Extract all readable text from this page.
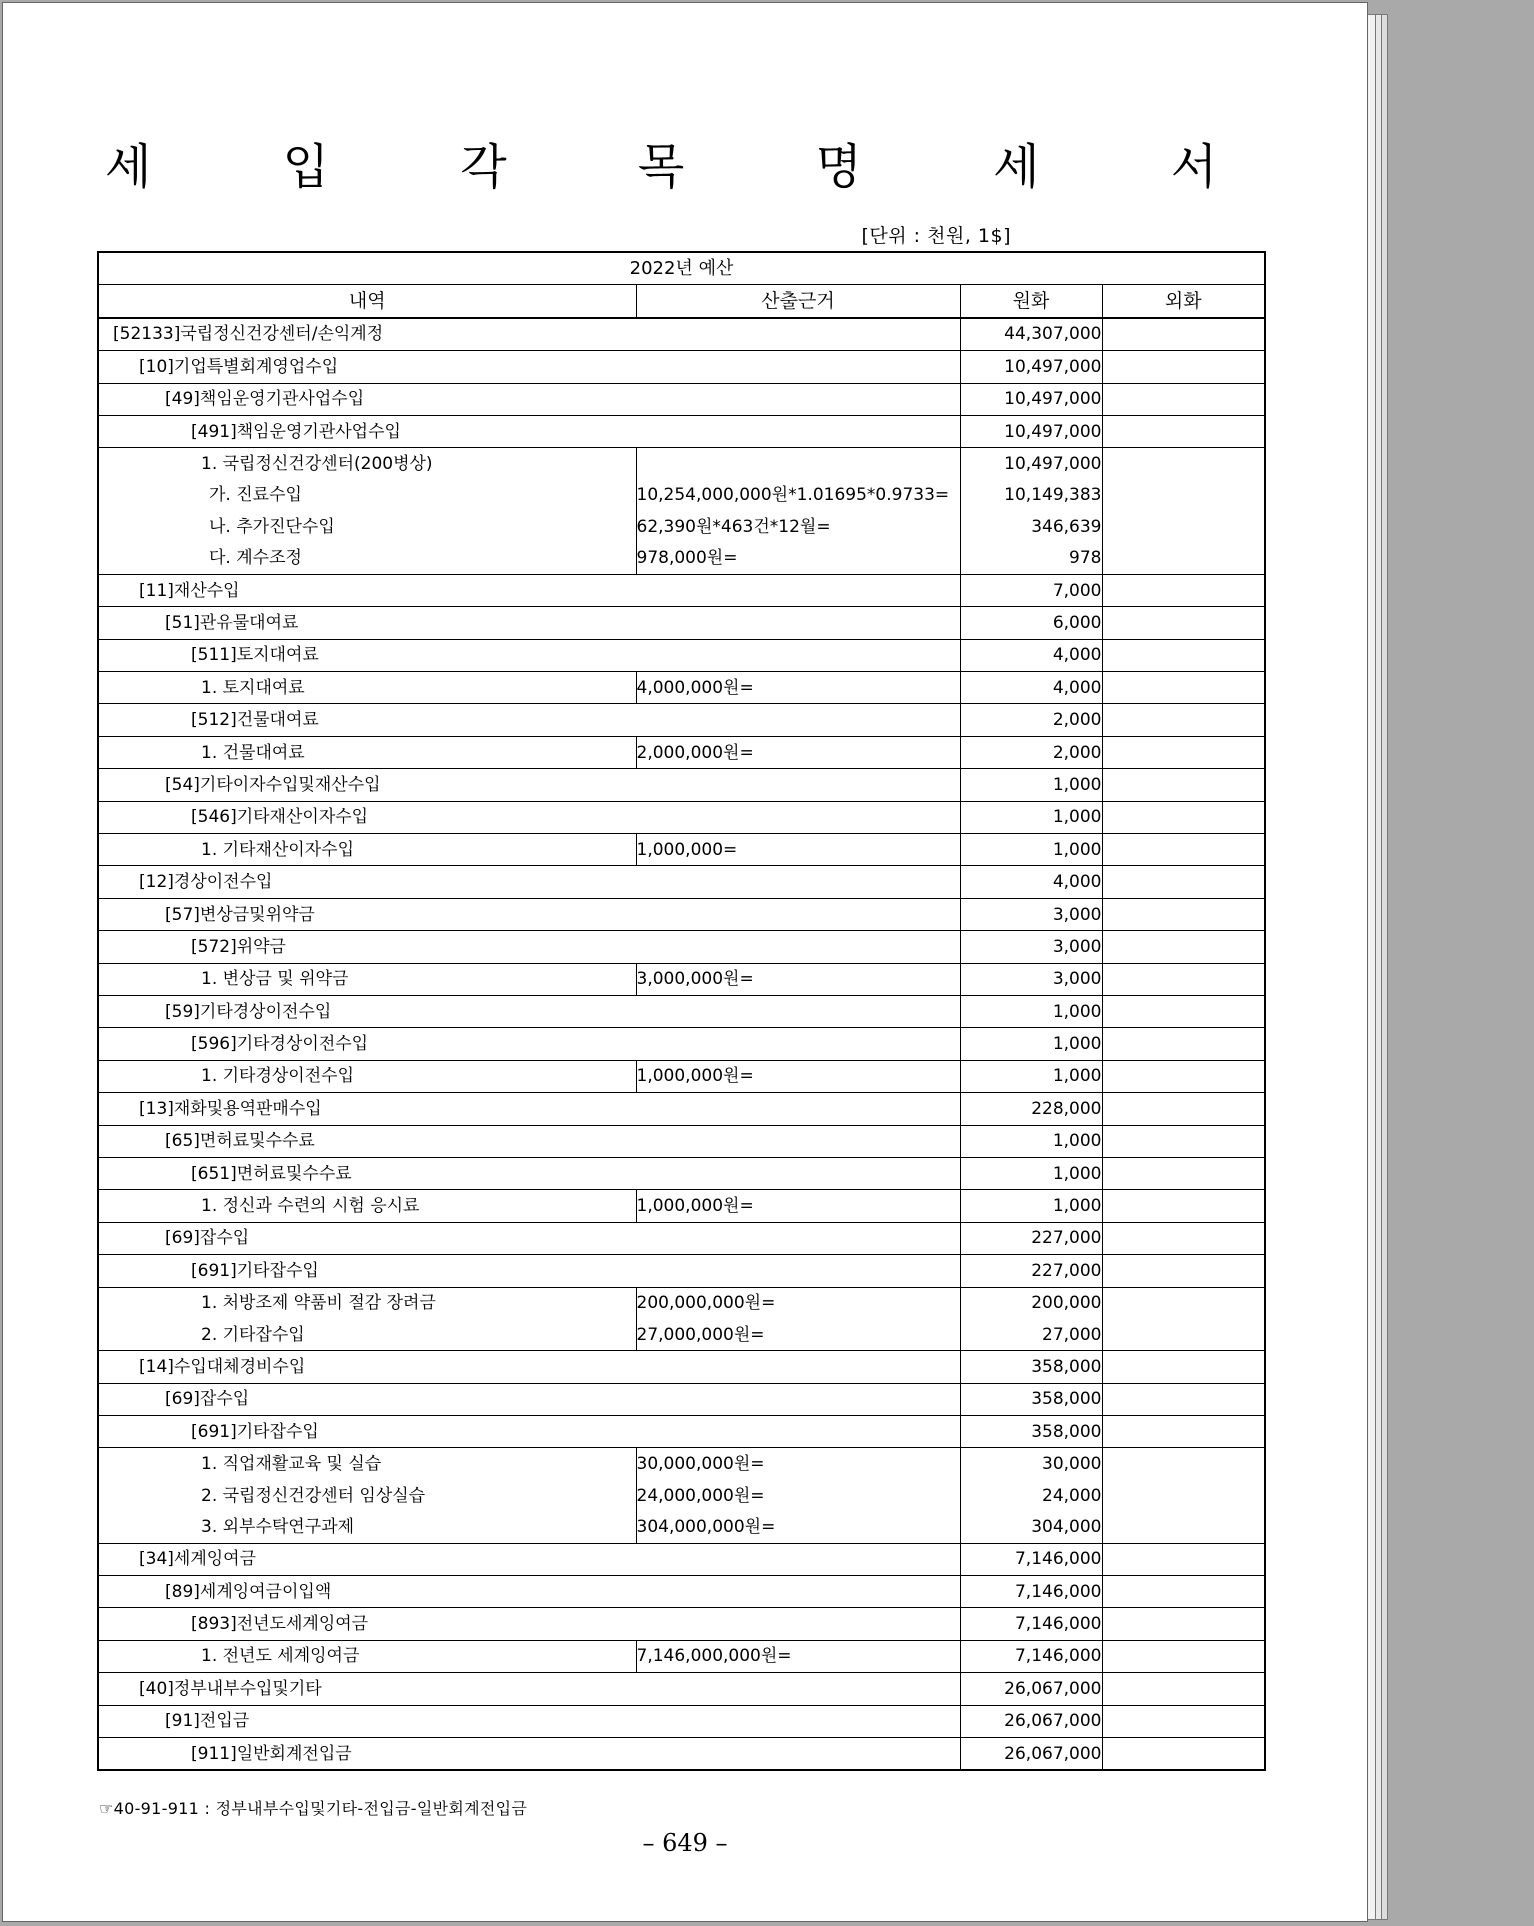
세 입 각 목 명 세 서
[단위 : 천원, 1$]
2022년 예산			
내역	산출근거	원화	외화
[52133]국립정신건강센터/손익계정		44,307,000	
[10]기업특별회계영업수입		10,497,000	
[49]책임운영기관사업수입		10,497,000	
[491]책임운영기관사업수입		10,497,000	
1. 국립정신건강센터(200병상)		10,497,000	
가. 진료수입	10,254,000,000원*1.01695*0.9733=	10,149,383	
나. 추가진단수입	62,390원*463건*12월=	346,639	
다. 계수조정	978,000원=	978	
[11]재산수입		7,000	
[51]관유물대여료		6,000	
[511]토지대여료		4,000	
1. 토지대여료	4,000,000원=	4,000	
[512]건물대여료		2,000	
1. 건물대여료	2,000,000원=	2,000	
[54]기타이자수입및재산수입		1,000	
[546]기타재산이자수입		1,000	
1. 기타재산이자수입	1,000,000=	1,000	
[12]경상이전수입		4,000	
[57]변상금및위약금		3,000	
[572]위약금		3,000	
1. 변상금 및 위약금	3,000,000원=	3,000	
[59]기타경상이전수입		1,000	
[596]기타경상이전수입		1,000	
1. 기타경상이전수입	1,000,000원=	1,000	
[13]재화및용역판매수입		228,000	
[65]면허료및수수료		1,000	
[651]면허료및수수료		1,000	
1. 정신과 수련의 시험 응시료	1,000,000원=	1,000	
[69]잡수입		227,000	
[691]기타잡수입		227,000	
1. 처방조제 약품비 절감 장려금	200,000,000원=	200,000	
2. 기타잡수입	27,000,000원=	27,000	
[14]수입대체경비수입		358,000	
[69]잡수입		358,000	
[691]기타잡수입		358,000	
1. 직업재활교육 및 실습	30,000,000원=	30,000	
2. 국립정신건강센터 임상실습	24,000,000원=	24,000	
3. 외부수탁연구과제	304,000,000원=	304,000	
[34]세계잉여금		7,146,000	
[89]세계잉여금이입액		7,146,000	
[893]전년도세계잉여금		7,146,000	
1. 전년도 세계잉여금	7,146,000,000원=	7,146,000	
[40]정부내부수입및기타		26,067,000	
[91]전입금		26,067,000	
[911]일반회계전입금		26,067,000	
☞40-91-911 : 정부내부수입및기타-전입금-일반회계전입금
– 649 –
